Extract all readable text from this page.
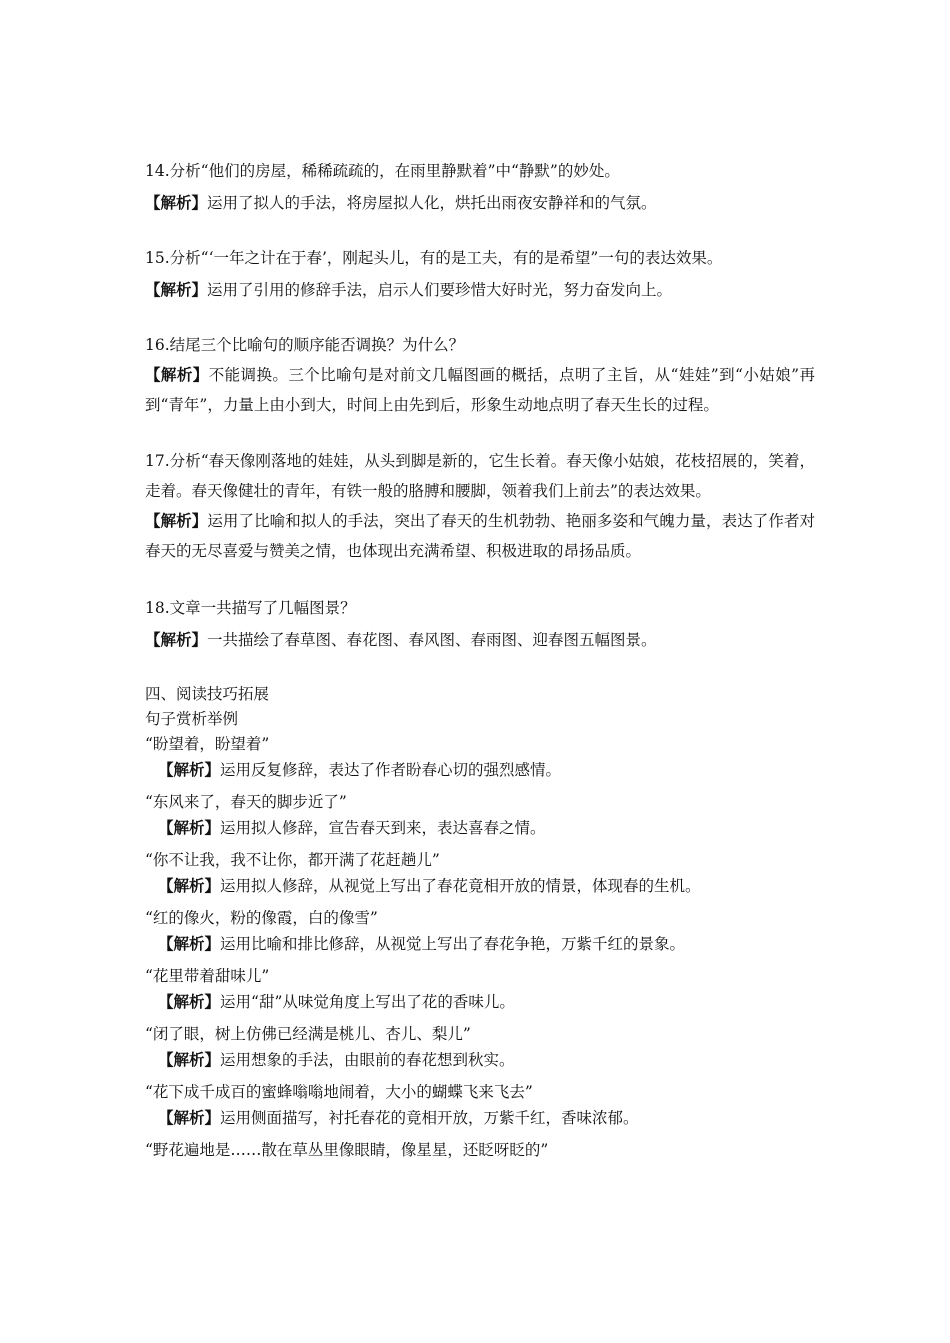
14.分析“他们的房屋，稀稀疏疏的，在雨里静默着”中“静默”的妙处。
【解析】运用了拟人的手法，将房屋拟人化，烘托出雨夜安静祥和的气氛。
15.分析“‘一年之计在于春’，刚起头儿，有的是工夫，有的是希望”一句的表达效果。
【解析】运用了引用的修辞手法，启示人们要珍惜大好时光，努力奋发向上。
16.结尾三个比喻句的顺序能否调换？为什么？
【解析】不能调换。三个比喻句是对前文几幅图画的概括，点明了主旨，从“娃娃”到“小姑娘”再到“青年”，力量上由小到大，时间上由先到后，形象生动地点明了春天生长的过程。
17.分析“春天像刚落地的娃娃，从头到脚是新的，它生长着。春天像小姑娘，花枝招展的，笑着，走着。春天像健壮的青年，有铁一般的胳膊和腰脚，领着我们上前去”的表达效果。
【解析】运用了比喻和拟人的手法，突出了春天的生机勃勃、艳丽多姿和气魄力量，表达了作者对春天的无尽喜爱与赞美之情，也体现出充满希望、积极进取的昂扬品质。
18.文章一共描写了几幅图景？
【解析】一共描绘了春草图、春花图、春风图、春雨图、迎春图五幅图景。
四、阅读技巧拓展
句子赏析举例
“盼望着，盼望着”
【解析】运用反复修辞，表达了作者盼春心切的强烈感情。
“东风来了，春天的脚步近了”
【解析】运用拟人修辞，宣告春天到来，表达喜春之情。
“你不让我，我不让你，都开满了花赶趟儿”
【解析】运用拟人修辞，从视觉上写出了春花竟相开放的情景，体现春的生机。
“红的像火，粉的像霞，白的像雪”
【解析】运用比喻和排比修辞，从视觉上写出了春花争艳，万紫千红的景象。
“花里带着甜味儿”
【解析】运用“甜”从味觉角度上写出了花的香味儿。
“闭了眼，树上仿佛已经满是桃儿、杏儿、梨儿”
【解析】运用想象的手法，由眼前的春花想到秋实。
“花下成千成百的蜜蜂嗡嗡地闹着，大小的蝴蝶飞来飞去”
【解析】运用侧面描写，衬托春花的竟相开放，万紫千红，香味浓郁。
“野花遍地是……散在草丛里像眼睛，像星星，还眨呀眨的”
